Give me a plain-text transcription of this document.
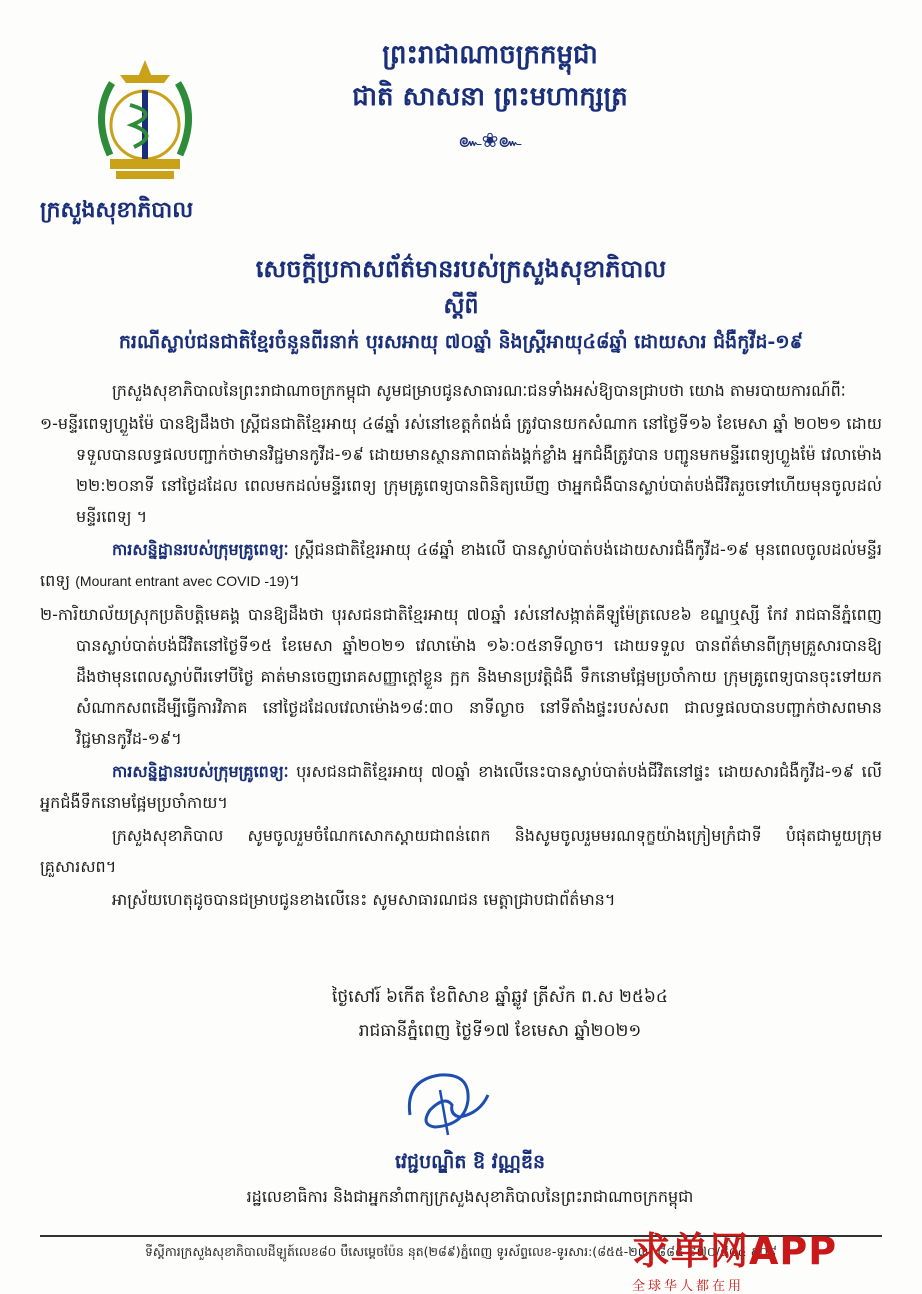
ព្រះរាជាណាចក្រកម្ពុជា
ជាតិ សាសនា ព្រះមហាក្សត្រ
๛❀๛
ក្រសួងសុខាភិបាល
សេចក្តីប្រកាសព័ត៌មានរបស់ក្រសួងសុខាភិបាល
ស្តីពី
ករណីស្លាប់ជនជាតិខ្មែរចំនួនពីរនាក់ បុរសអាយុ ៧០ឆ្នាំ និងស្ត្រីអាយុ៤៨ឆ្នាំ ដោយសារ ជំងឺកូវីដ-១៩

ក្រសួងសុខាភិបាលនៃព្រះរាជាណាចក្រកម្ពុជា សូមជម្រាបជូនសាធារណៈជនទាំងអស់ឱ្យបានជ្រាបថា យោង តាមរបាយការណ៍ពីៈ

១-មន្ទីរពេទ្យហ្លួងម៉ែ បានឱ្យដឹងថា ស្ត្រីជនជាតិខ្មែរអាយុ ៤៨ឆ្នាំ រស់នៅខេត្តកំពង់ធំ ត្រូវបានយកសំណាក នៅថ្ងៃទី១៦ ខែមេសា ឆ្នាំ ២០២១ ដោយទទួលបានលទ្ធផលបញ្ជាក់ថាមានវិជ្ជមានកូវីដ-១៩ ដោយមានស្ថានភាពធាត់ងង្គក់ខ្លាំង អ្នកជំងឺត្រូវបាន បញ្ជូនមកមន្ទីរពេទ្យហ្លួងម៉ែ វេលាម៉ោង ២២:២០នាទី នៅថ្ងៃដដែល ពេលមកដល់មន្ទីរពេទ្យ ក្រុមគ្រូពេទ្យបានពិនិត្យឃើញ ថាអ្នកជំងឺបានស្លាប់បាត់បង់ជីវិតរួចទៅហើយមុនចូលដល់មន្ទីរពេទ្យ ។

ការសន្និដ្ឋានរបស់ក្រុមគ្រូពេទ្យៈ ស្ត្រីជនជាតិខ្មែរអាយុ ៤៨ឆ្នាំ ខាងលើ បានស្លាប់បាត់បង់ដោយសារជំងឺកូវីដ-១៩ មុនពេលចូលដល់មន្ទីរពេទ្យ (Mourant entrant avec COVID -19)។

២-ការិយាល័យស្រុកប្រតិបត្តិមេគង្គ បានឱ្យដឹងថា បុរសជនជាតិខ្មែរអាយុ ៧០ឆ្នាំ រស់នៅសង្កាត់គីឡូម៉ែត្រលេខ៦ ខណ្ឌឬស្សី កែវ រាជធានីភ្នំពេញបានស្លាប់បាត់បង់ជីវិតនៅថ្ងៃទី១៥ ខែមេសា ឆ្នាំ២០២១ វេលាម៉ោង ១៦:០៥នាទីល្ងាច។ ដោយទទួល បានព័ត៌មានពីក្រុមគ្រួសារបានឱ្យដឹងថាមុនពេលស្លាប់ពីរទៅបីថ្ងៃ គាត់មានចេញរោគសញ្ញាក្តៅខ្លួន ក្អក និងមានប្រវត្តិជំងឺ ទឹកនោមផ្អែមប្រចាំកាយ ក្រុមគ្រូពេទ្យបានចុះទៅយកសំណាកសពដើម្បីធ្វើការវិភាគ នៅថ្ងៃដដែលវេលាម៉ោង១៨:៣០ នាទីល្ងាច នៅទីតាំងផ្ទះរបស់សព ជាលទ្ធផលបានបញ្ជាក់ថាសពមានវិជ្ជមានកូវីដ-១៩។

ការសន្និដ្ឋានរបស់ក្រុមគ្រូពេទ្យៈ បុរសជនជាតិខ្មែរអាយុ ៧០ឆ្នាំ ខាងលើនេះបានស្លាប់បាត់បង់ជីវិតនៅផ្ទះ ដោយសារជំងឺកូវីដ-១៩ លើអ្នកជំងឺទឹកនោមផ្អែមប្រចាំកាយ។

ក្រសួងសុខាភិបាល សូមចូលរួមចំណែកសោកស្តាយជាពន់ពេក និងសូមចូលរួមមរណទុក្ខយ៉ាងក្រៀមក្រំជាទី បំផុតជាមួយក្រុមគ្រួសារសព។

អាស្រ័យហេតុដូចបានជម្រាបជូនខាងលើនេះ សូមសាធារណជន មេត្តាជ្រាបជាព័ត៌មាន។

ថ្ងៃសៅរ៍ ៦កើត ខែពិសាខ ឆ្នាំឆ្លូវ ត្រីស័ក ព.ស ២៥៦៤
រាជធានីភ្នំពេញ ថ្ងៃទី១៧ ខែមេសា ឆ្នាំ២០២១
វេជ្ជបណ្ឌិត ឱ វណ្ណឌីន
រដ្ឋលេខាធិការ និងជាអ្នកនាំពាក្យក្រសួងសុខាភិបាលនៃព្រះរាជាណាចក្រកម្ពុជា
ទីស្តីការក្រសួងសុខាភិបាលដីឡូត៍លេខ៨០ បឹសេមេ្តចប៉ែន នុត(២៨៩)ភ្នំពេញ ទូរស័ព្ទលេខ-ទូរសារ:(៨៥៥-២៣) ៨៨៥ ៩៧០/៨៨៤ ៩០៩
求单网APP
全球华人都在用
